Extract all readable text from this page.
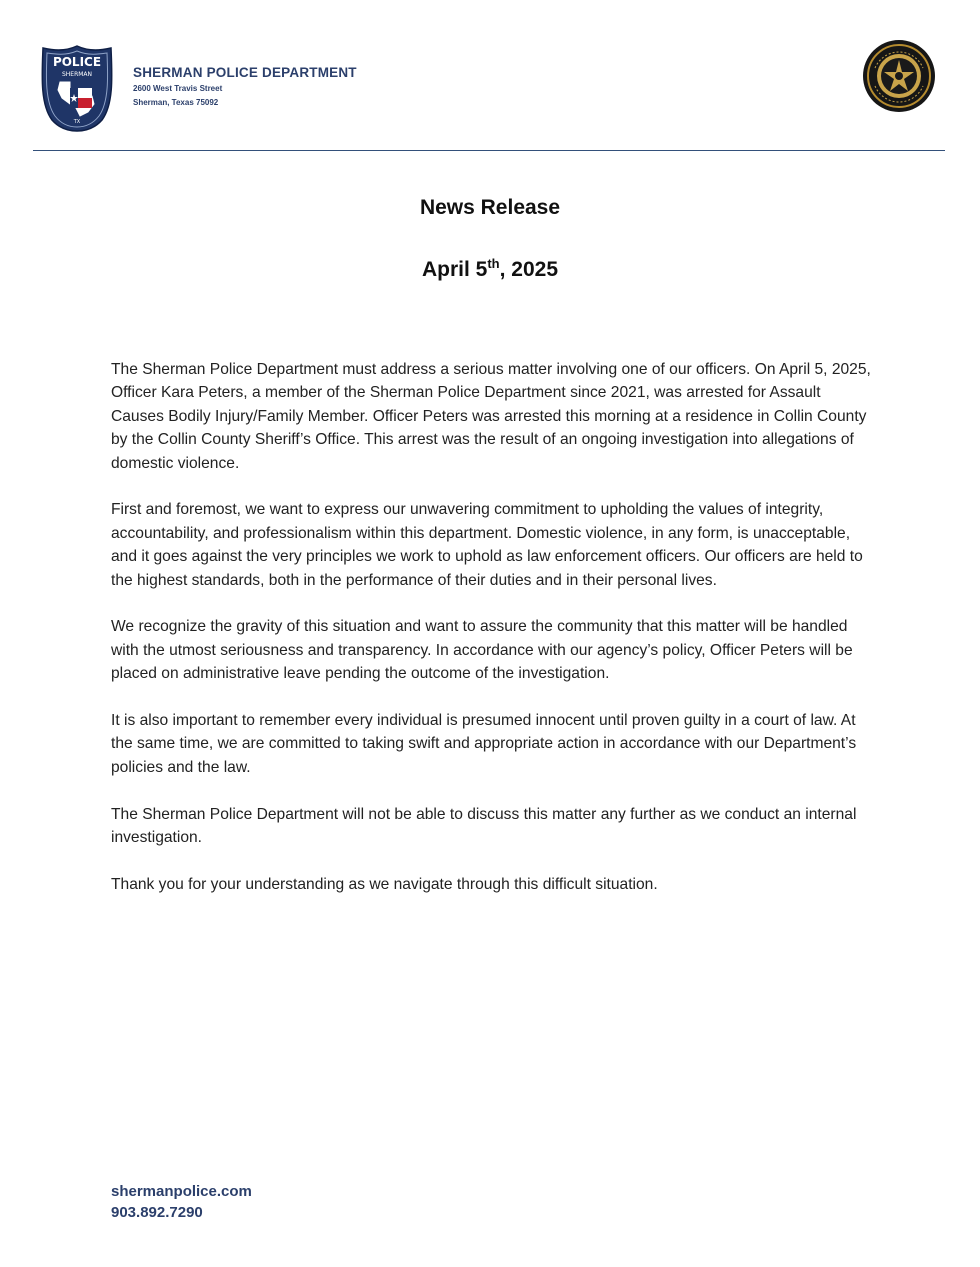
POLICE
SHERMAN
TX
SHERMAN POLICE DEPARTMENT
2600 West Travis Street
Sherman, Texas 75092
News Release
April 5th, 2025

The Sherman Police Department must address a serious matter involving one of our officers. On April 5, 2025, Officer Kara Peters, a member of the Sherman Police Department since 2021, was arrested for Assault Causes Bodily Injury/Family Member. Officer Peters was arrested this morning at a residence in Collin County by the Collin County Sheriff’s Office. This arrest was the result of an ongoing investigation into allegations of domestic violence.

First and foremost, we want to express our unwavering commitment to upholding the values of integrity, accountability, and professionalism within this department. Domestic violence, in any form, is unacceptable, and it goes against the very principles we work to uphold as law enforcement officers. Our officers are held to the highest standards, both in the performance of their duties and in their personal lives.

We recognize the gravity of this situation and want to assure the community that this matter will be handled with the utmost seriousness and transparency. In accordance with our agency’s policy, Officer Peters will be placed on administrative leave pending the outcome of the investigation.

It is also important to remember every individual is presumed innocent until proven guilty in a court of law. At the same time, we are committed to taking swift and appropriate action in accordance with our Department’s policies and the law.

The Sherman Police Department will not be able to discuss this matter any further as we conduct an internal investigation.

Thank you for your understanding as we navigate through this difficult situation.

shermanpolice.com
903.892.7290
